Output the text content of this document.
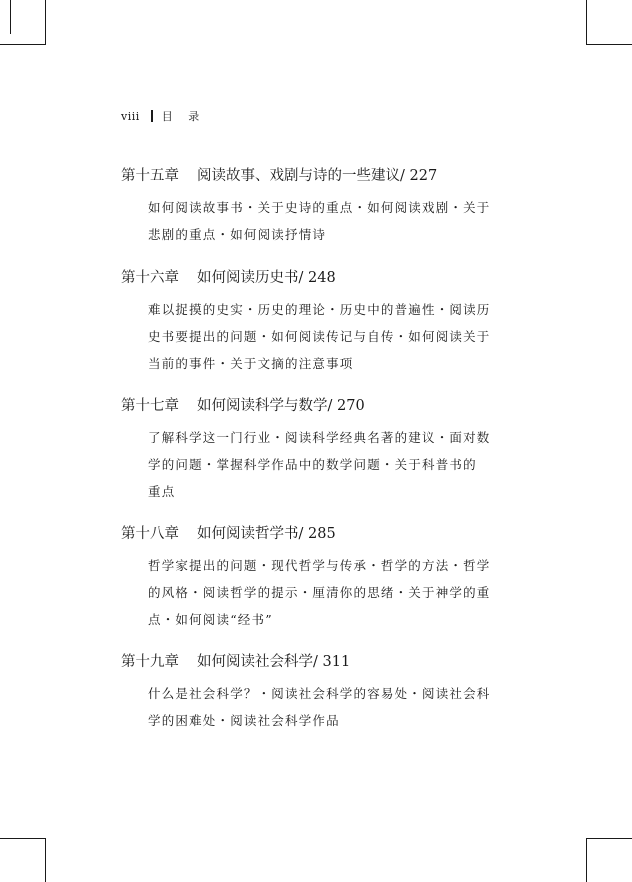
viii 目 录
第十五章 阅读故事、戏剧与诗的一些建议/ 227
如何阅读故事书・关于史诗的重点・如何阅读戏剧・关于
悲剧的重点・如何阅读抒情诗
第十六章 如何阅读历史书/ 248
难以捉摸的史实・历史的理论・历史中的普遍性・阅读历
史书要提出的问题・如何阅读传记与自传・如何阅读关于
当前的事件・关于文摘的注意事项
第十七章 如何阅读科学与数学/ 270
了解科学这一门行业・阅读科学经典名著的建议・面对数
学的问题・掌握科学作品中的数学问题・关于科普书的
重点
第十八章 如何阅读哲学书/ 285
哲学家提出的问题・现代哲学与传承・哲学的方法・哲学
的风格・阅读哲学的提示・厘清你的思绪・关于神学的重
点・如何阅读“经书”
第十九章 如何阅读社会科学/ 311
什么是社会科学？・阅读社会科学的容易处・阅读社会科
学的困难处・阅读社会科学作品
